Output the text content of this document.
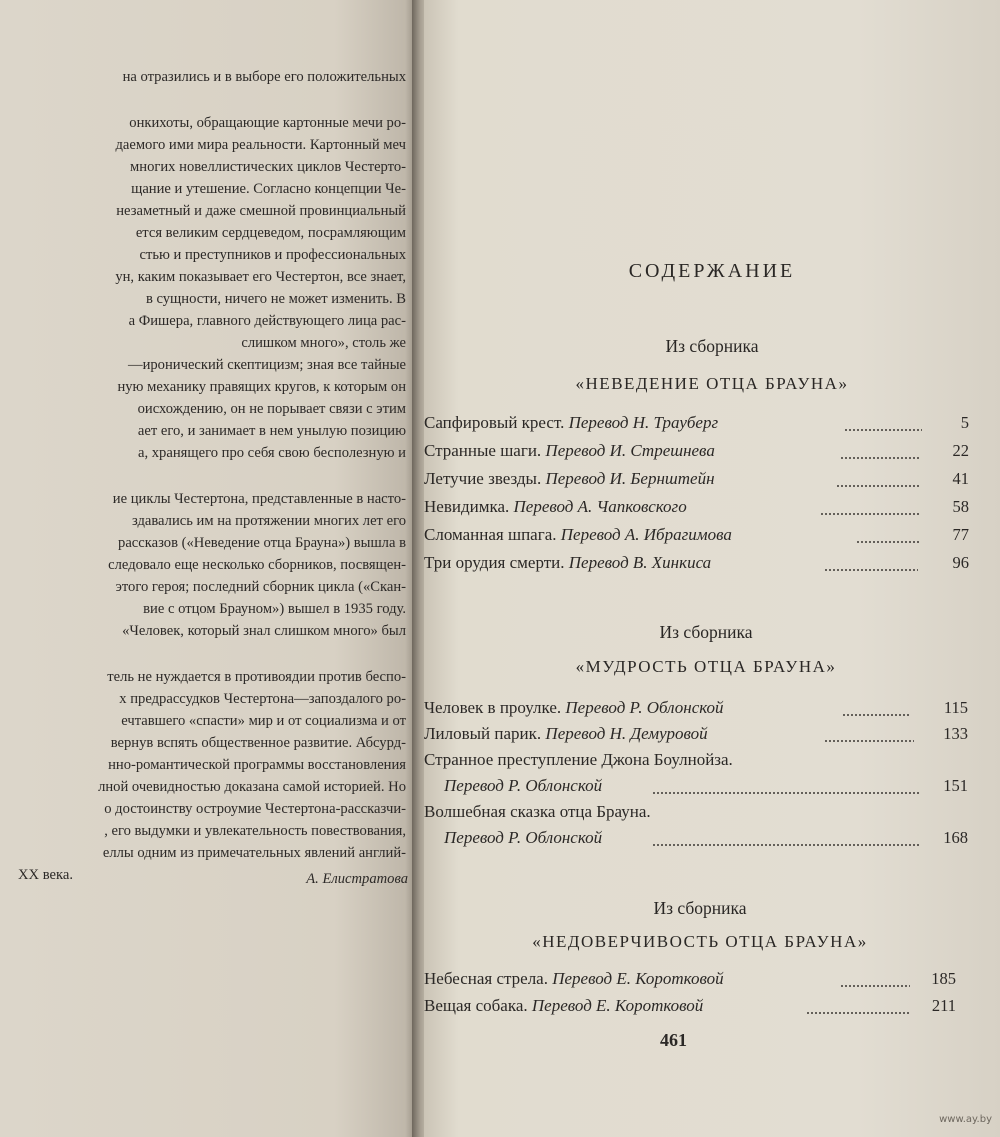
на отразились и в выборе его положительных
онкихоты, обращающие картонные мечи ро-
даемого ими мира реальности. Картонный меч
многих новеллистических циклов Честерто-
щание и утешение. Согласно концепции Че-
незаметный и даже смешной провинциальный
ется великим сердцеведом, посрамляющим
стью и преступников и профессиональных
ун, каким показывает его Честертон, все знает,
в сущности, ничего не может изменить. В
а Фишера, главного действующего лица рас-
слишком много», столь же
—ироничеcкий скептицизм; зная все тайные
ную механику правящих кругов, к которым он
оисхождению, он не порывает связи с этим
ает его, и занимает в нем унылую позицию
а, хранящего про себя свою бесполезную и
ие циклы Честертона, представленные в насто-
здавались им на протяжении многих лет его
рассказов («Неведение отца Брауна») вышла в
следовало еще несколько сборников, посвящен-
этого героя; последний сборник цикла («Скан-
вие с отцом Брауном») вышел в 1935 году.
«Человек, который знал слишком много» был
тель не нуждается в противоядии против беспо-
х предрассудков Честертона—запоздалого ро-
ечтавшего «спасти» мир и от социализма и от
вернув вспять общественное развитие. Абсурд-
нно-романтической программы восстановления
лной очевидностью доказана самой историей. Но
о достоинству остроумие Честертона-рассказчи-
, его выдумки и увлекательность повествования,
еллы одним из примечательных явлений англий-
XX века.	А. Елистратова
СОДЕРЖАНИЕ
Из сборника
«НЕВЕДЕНИЕ ОТЦА БРАУНА»
Сапфировый крест. Перевод Н. Трауберг	5
Странные шаги. Перевод И. Стрешнева	22
Летучие звезды. Перевод И. Бернштейн	41
Невидимка. Перевод А. Чапковского	58
Сломанная шпага. Перевод А. Ибрагимова	77
Три орудия смерти. Перевод В. Хинкиса	96
Из сборника
«МУДРОСТЬ ОТЦА БРАУНА»
Человек в проулке. Перевод Р. Облонской	115
Лиловый парик. Перевод Н. Демуровой	133
Странное преступление Джона Боулнойза.
Перевод Р. Облонской	151
Волшебная сказка отца Брауна.
Перевод Р. Облонской	168
Из сборника
«НЕДОВЕРЧИВОСТЬ ОТЦА БРАУНА»
Небесная стрела. Перевод Е. Коротковой	185
Вещая собака. Перевод Е. Коротковой	211
461
www.ay.by
